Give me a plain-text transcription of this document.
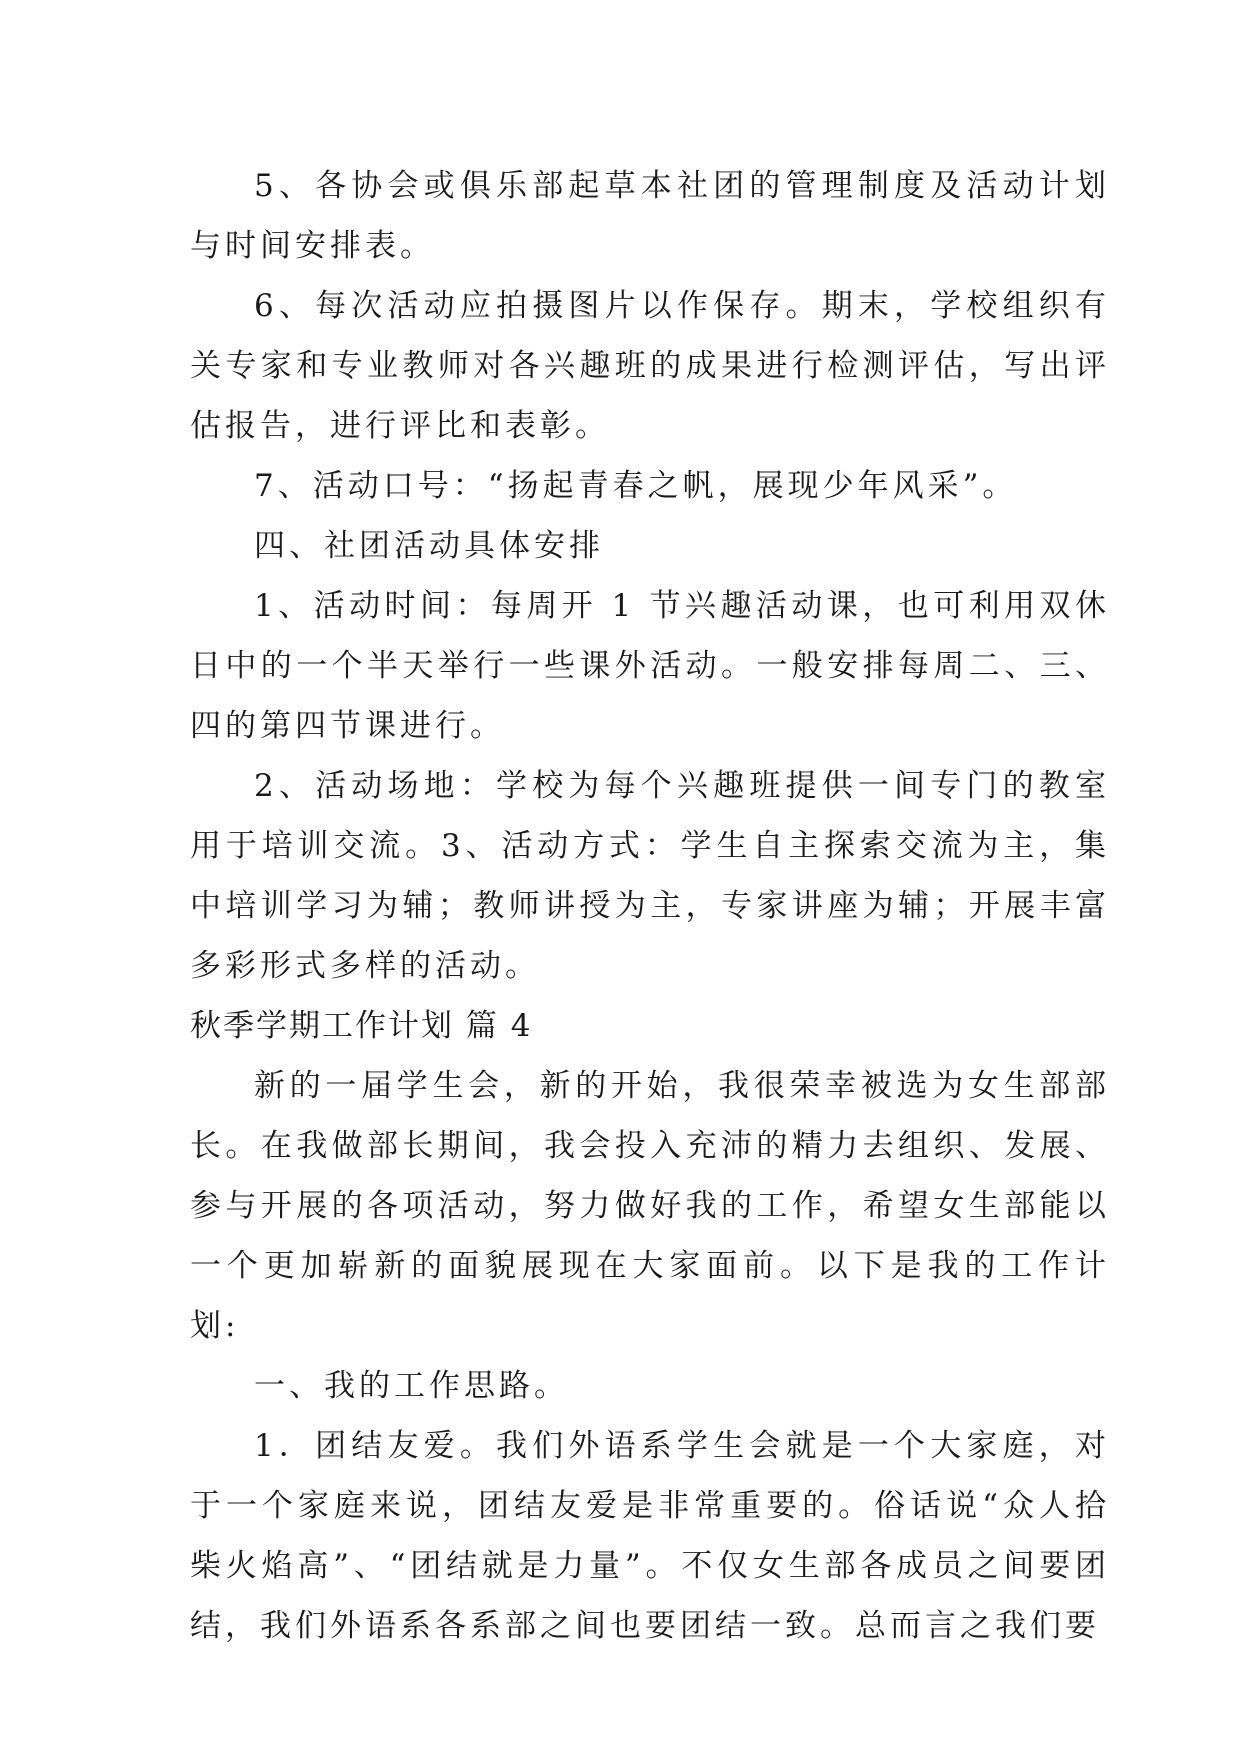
5、各协会或俱乐部起草本社团的管理制度及活动计划与时间安排表。

6、每次活动应拍摄图片以作保存。期末，学校组织有关专家和专业教师对各兴趣班的成果进行检测评估，写出评估报告，进行评比和表彰。

7、活动口号：“扬起青春之帆，展现少年风采”。

四、社团活动具体安排

1、活动时间：每周开 1 节兴趣活动课，也可利用双休日中的一个半天举行一些课外活动。一般安排每周二、三、四的第四节课进行。

2、活动场地：学校为每个兴趣班提供一间专门的教室用于培训交流。3、活动方式：学生自主探索交流为主，集中培训学习为辅；教师讲授为主，专家讲座为辅；开展丰富多彩形式多样的活动。

秋季学期工作计划 篇 4

新的一届学生会，新的开始，我很荣幸被选为女生部部长。在我做部长期间，我会投入充沛的精力去组织、发展、参与开展的各项活动，努力做好我的工作，希望女生部能以一个更加崭新的面貌展现在大家面前。以下是我的工作计划:

一、我的工作思路。

1．团结友爱。我们外语系学生会就是一个大家庭，对于一个家庭来说，团结友爱是非常重要的。俗话说“众人拾柴火焰高”、“团结就是力量”。不仅女生部各成员之间要团结，我们外语系各系部之间也要团结一致。总而言之我们要
